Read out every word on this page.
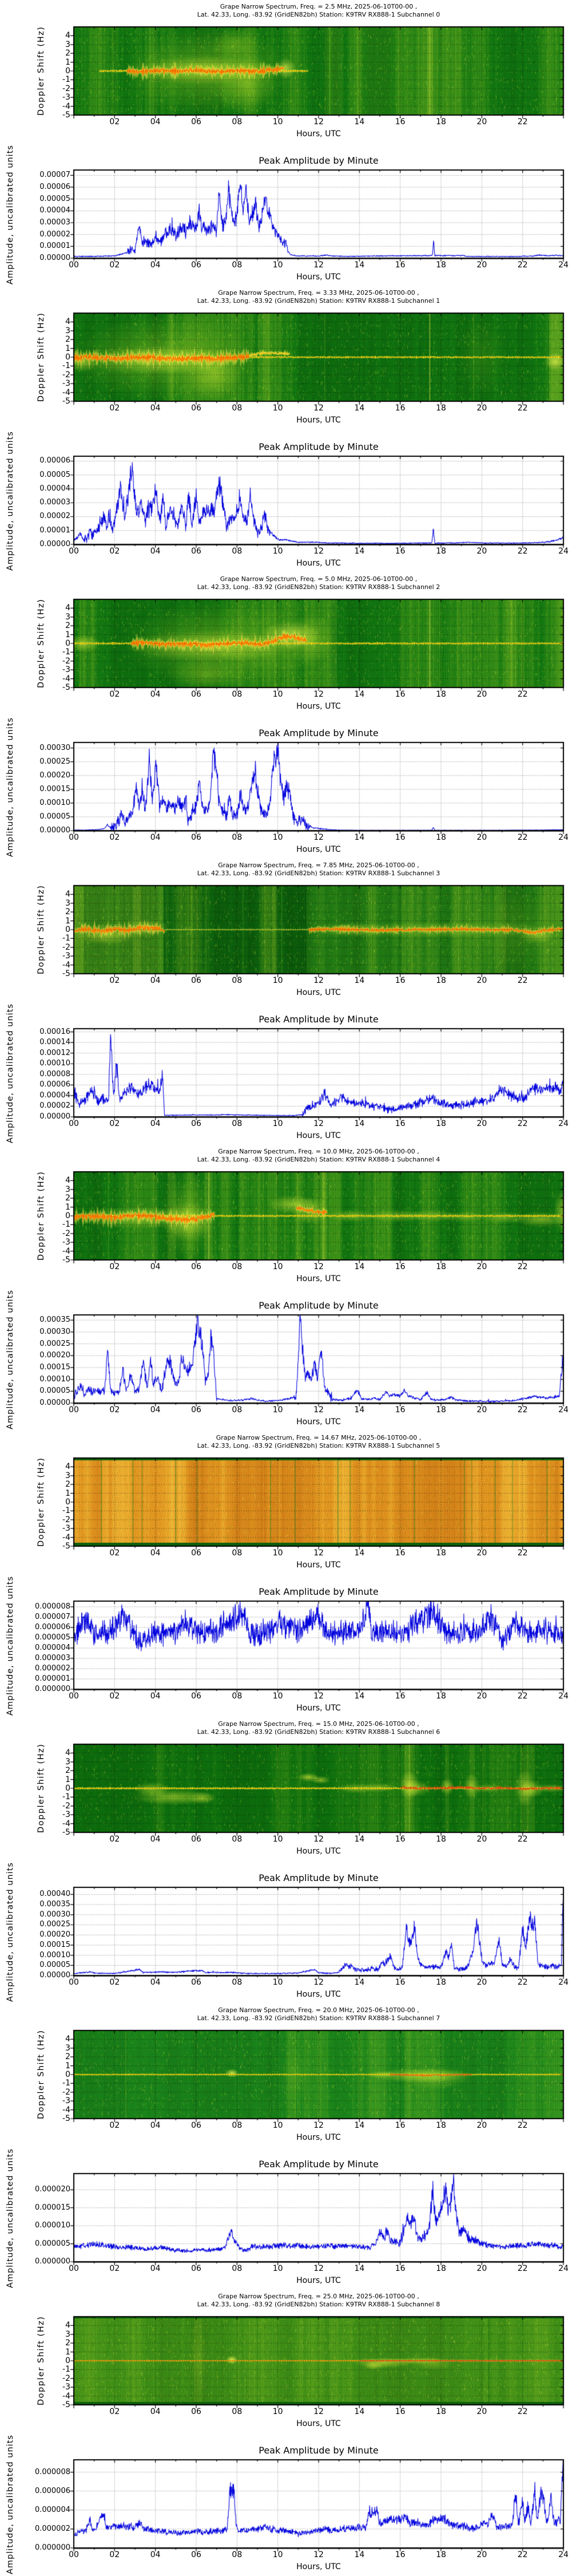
Grape Narrow Spectrum, Freq. = 2.5 MHz, 2025-06-10T00-00 ,
Lat. 42.33, Long. -83.92 (GridEN82bh) Station: K9TRV RX888-1 Subchannel 0
4
3
2
1
0
-1
-2
-3
-4
-5
02	04	06	08	10	12	14	16	18	20	22
Doppler Shift (Hz)
Hours, UTC
Peak Amplitude by Minute
0.00000
0.00001
0.00002
0.00003
0.00004
0.00005
0.00006
0.00007
00	02	04	06	08	10	12	14	16	18	20	22	24
Amplitude, uncalibrated units	Hours, UTC
Grape Narrow Spectrum, Freq. = 3.33 MHz, 2025-06-10T00-00 ,
Lat. 42.33, Long. -83.92 (GridEN82bh) Station: K9TRV RX888-1 Subchannel 1
4
3
2
1
0
-1
-2
-3
-4
-5
02	04	06	08	10	12	14	16	18	20	22
Doppler Shift (Hz)
Hours, UTC
Peak Amplitude by Minute
0.00000
0.00001
0.00002
0.00003
0.00004
0.00005
0.00006
00	02	04	06	08	10	12	14	16	18	20	22	24
Amplitude, uncalibrated units	Hours, UTC
Grape Narrow Spectrum, Freq. = 5.0 MHz, 2025-06-10T00-00 ,
Lat. 42.33, Long. -83.92 (GridEN82bh) Station: K9TRV RX888-1 Subchannel 2
4
3
2
1
0
-1
-2
-3
-4
-5
02	04	06	08	10	12	14	16	18	20	22
Doppler Shift (Hz)
Hours, UTC
Peak Amplitude by Minute
0.00000
0.00005
0.00010
0.00015
0.00020
0.00025
0.00030
00	02	04	06	08	10	12	14	16	18	20	22	24
Amplitude, uncalibrated units	Hours, UTC
Grape Narrow Spectrum, Freq. = 7.85 MHz, 2025-06-10T00-00 ,
Lat. 42.33, Long. -83.92 (GridEN82bh) Station: K9TRV RX888-1 Subchannel 3
4
3
2
1
0
-1
-2
-3
-4
-5
02	04	06	08	10	12	14	16	18	20	22
Doppler Shift (Hz)
Hours, UTC
Peak Amplitude by Minute
0.00000
0.00002
0.00004
0.00006
0.00008
0.00010
0.00012
0.00014
0.00016
00	02	04	06	08	10	12	14	16	18	20	22	24
Amplitude, uncalibrated units	Hours, UTC
Grape Narrow Spectrum, Freq. = 10.0 MHz, 2025-06-10T00-00 ,
Lat. 42.33, Long. -83.92 (GridEN82bh) Station: K9TRV RX888-1 Subchannel 4
4
3
2
1
0
-1
-2
-3
-4
-5
02	04	06	08	10	12	14	16	18	20	22
Doppler Shift (Hz)
Hours, UTC
Peak Amplitude by Minute
0.00000
0.00005
0.00010
0.00015
0.00020
0.00025
0.00030
0.00035
00	02	04	06	08	10	12	14	16	18	20	22	24
Amplitude, uncalibrated units	Hours, UTC
Grape Narrow Spectrum, Freq. = 14.67 MHz, 2025-06-10T00-00 ,
Lat. 42.33, Long. -83.92 (GridEN82bh) Station: K9TRV RX888-1 Subchannel 5
4
3
2
1
0
-1
-2
-3
-4
-5
02	04	06	08	10	12	14	16	18	20	22
Doppler Shift (Hz)
Hours, UTC
Peak Amplitude by Minute
0.000000
0.000001
0.000002
0.000003
0.000004
0.000005
0.000006
0.000007
0.000008
00	02	04	06	08	10	12	14	16	18	20	22	24
Amplitude, uncalibrated units	Hours, UTC
Grape Narrow Spectrum, Freq. = 15.0 MHz, 2025-06-10T00-00 ,
Lat. 42.33, Long. -83.92 (GridEN82bh) Station: K9TRV RX888-1 Subchannel 6
4
3
2
1
0
-1
-2
-3
-4
-5
02	04	06	08	10	12	14	16	18	20	22
Doppler Shift (Hz)
Hours, UTC
Peak Amplitude by Minute
0.00000
0.00005
0.00010
0.00015
0.00020
0.00025
0.00030
0.00035
0.00040
00	02	04	06	08	10	12	14	16	18	20	22	24
Amplitude, uncalibrated units	Hours, UTC
Grape Narrow Spectrum, Freq. = 20.0 MHz, 2025-06-10T00-00 ,
Lat. 42.33, Long. -83.92 (GridEN82bh) Station: K9TRV RX888-1 Subchannel 7
4
3
2
1
0
-1
-2
-3
-4
-5
02	04	06	08	10	12	14	16	18	20	22
Doppler Shift (Hz)
Hours, UTC
Peak Amplitude by Minute
0.000000
0.000005
0.000010
0.000015
0.000020
00	02	04	06	08	10	12	14	16	18	20	22	24
Amplitude, uncalibrated units	Hours, UTC
Grape Narrow Spectrum, Freq. = 25.0 MHz, 2025-06-10T00-00 ,
Lat. 42.33, Long. -83.92 (GridEN82bh) Station: K9TRV RX888-1 Subchannel 8
4
3
2
1
0
-1
-2
-3
-4
-5
02	04	06	08	10	12	14	16	18	20	22
Doppler Shift (Hz)
Hours, UTC
Peak Amplitude by Minute
0.000000
0.000002
0.000004
0.000006
0.000008
00	02	04	06	08	10	12	14	16	18	20	22	24
Amplitude, uncalibrated units	Hours, UTC
